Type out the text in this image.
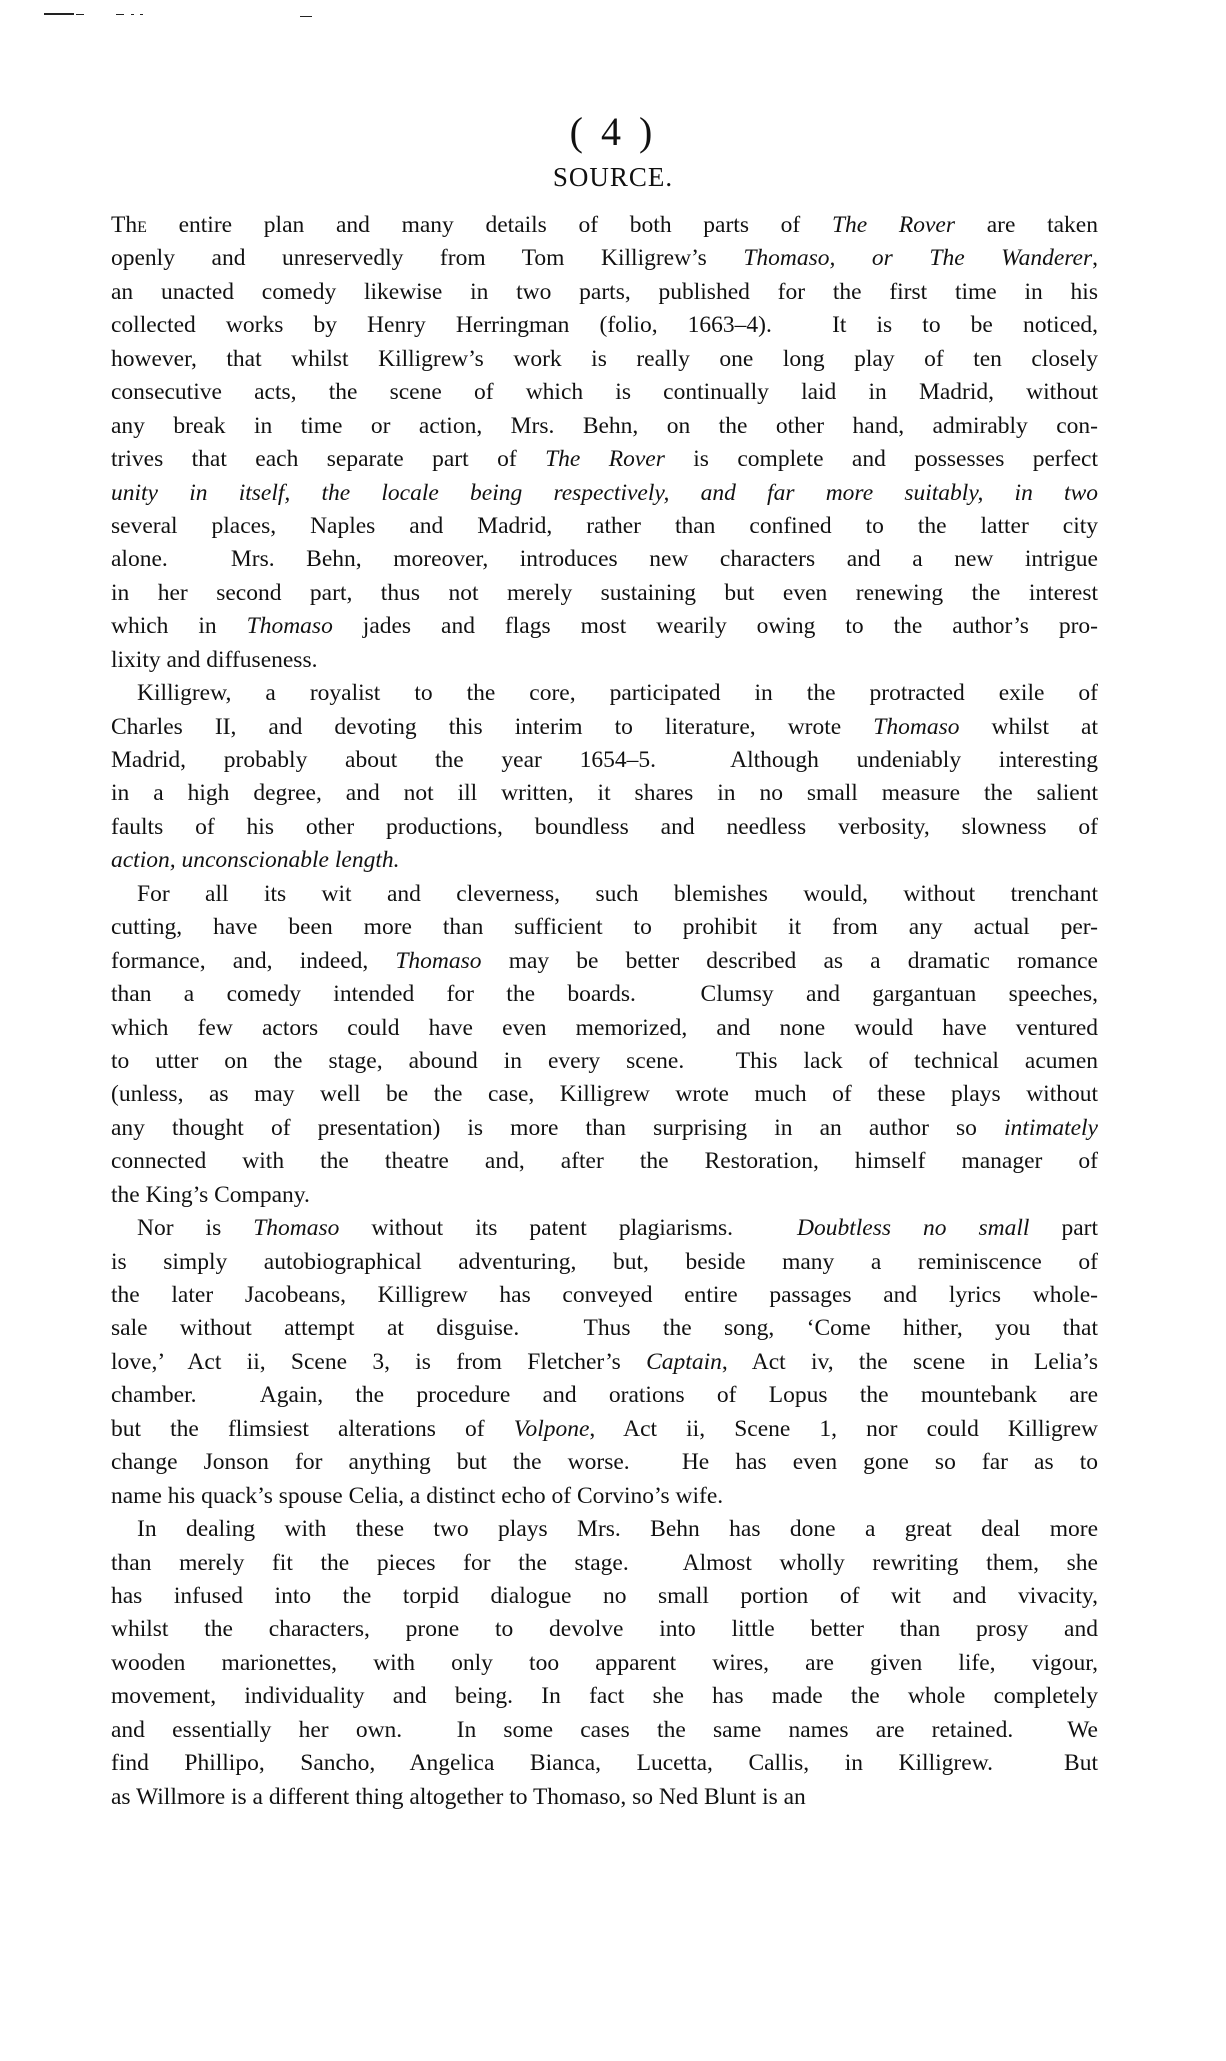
( 4 )
SOURCE.
The entire plan and many details of both parts of The Rover are taken
openly and unreservedly from Tom Killigrew’s Thomaso, or The Wanderer,
an unacted comedy likewise in two parts, published for the first time in his
collected works by Henry Herringman (folio, 1663–4).  It is to be noticed,
however, that whilst Killigrew’s work is really one long play of ten closely
consecutive acts, the scene of which is continually laid in Madrid, without
any break in time or action, Mrs. Behn, on the other hand, admirably con-
trives that each separate part of The Rover is complete and possesses perfect
unity in itself, the locale being respectively, and far more suitably, in two
several places, Naples and Madrid, rather than confined to the latter city
alone.  Mrs. Behn, moreover, introduces new characters and a new intrigue
in her second part, thus not merely sustaining but even renewing the interest
which in Thomaso jades and flags most wearily owing to the author’s pro-
lixity and diffuseness.
Killigrew, a royalist to the core, participated in the protracted exile of
Charles II, and devoting this interim to literature, wrote Thomaso whilst at
Madrid, probably about the year 1654–5.  Although undeniably interesting
in a high degree, and not ill written, it shares in no small measure the salient
faults of his other productions, boundless and needless verbosity, slowness of
action, unconscionable length.
For all its wit and cleverness, such blemishes would, without trenchant
cutting, have been more than sufficient to prohibit it from any actual per-
formance, and, indeed, Thomaso may be better described as a dramatic romance
than a comedy intended for the boards.  Clumsy and gargantuan speeches,
which few actors could have even memorized, and none would have ventured
to utter on the stage, abound in every scene.  This lack of technical acumen
(unless, as may well be the case, Killigrew wrote much of these plays without
any thought of presentation) is more than surprising in an author so intimately
connected with the theatre and, after the Restoration, himself manager of
the King’s Company.
Nor is Thomaso without its patent plagiarisms.  Doubtless no small part
is simply autobiographical adventuring, but, beside many a reminiscence of
the later Jacobeans, Killigrew has conveyed entire passages and lyrics whole-
sale without attempt at disguise.  Thus the song, ‘Come hither, you that
love,’ Act ii, Scene 3, is from Fletcher’s Captain, Act iv, the scene in Lelia’s
chamber.  Again, the procedure and orations of Lopus the mountebank are
but the flimsiest alterations of Volpone, Act ii, Scene 1, nor could Killigrew
change Jonson for anything but the worse.  He has even gone so far as to
name his quack’s spouse Celia, a distinct echo of Corvino’s wife.
In dealing with these two plays Mrs. Behn has done a great deal more
than merely fit the pieces for the stage.  Almost wholly rewriting them, she
has infused into the torpid dialogue no small portion of wit and vivacity,
whilst the characters, prone to devolve into little better than prosy and
wooden marionettes, with only too apparent wires, are given life, vigour,
movement, individuality and being. In fact she has made the whole completely
and essentially her own.  In some cases the same names are retained.  We
find Phillipo, Sancho, Angelica Bianca, Lucetta, Callis, in Killigrew.  But
as Willmore is a different thing altogether to Thomaso, so Ned Blunt is an
